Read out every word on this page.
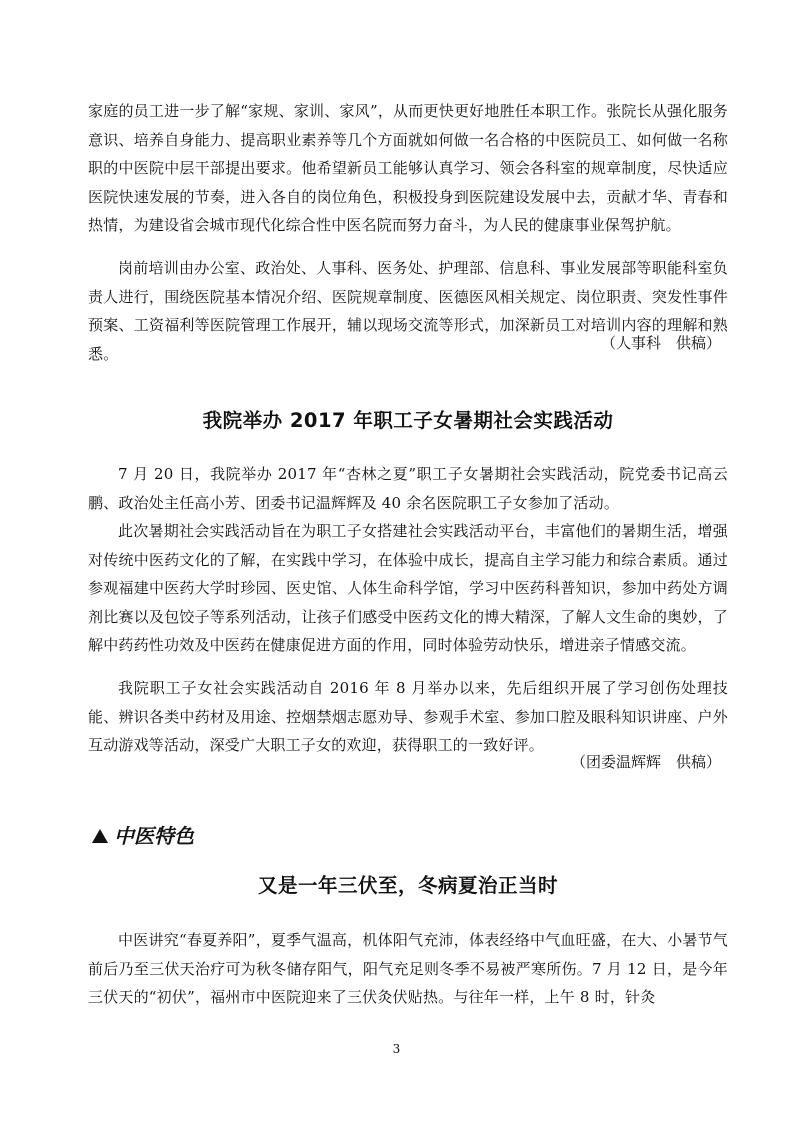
家庭的员工进一步了解“家规、家训、家风”，从而更快更好地胜任本职工作。张院长从强化服务意识、培养自身能力、提高职业素养等几个方面就如何做一名合格的中医院员工、如何做一名称职的中医院中层干部提出要求。他希望新员工能够认真学习、领会各科室的规章制度，尽快适应医院快速发展的节奏，进入各自的岗位角色，积极投身到医院建设发展中去，贡献才华、青春和热情，为建设省会城市现代化综合性中医名院而努力奋斗，为人民的健康事业保驾护航。

岗前培训由办公室、政治处、人事科、医务处、护理部、信息科、事业发展部等职能科室负责人进行，围绕医院基本情况介绍、医院规章制度、医德医风相关规定、岗位职责、突发性事件预案、工资福利等医院管理工作展开，辅以现场交流等形式，加深新员工对培训内容的理解和熟悉。

（人事科　供稿）

我院举办 2017 年职工子女暑期社会实践活动

7 月 20 日，我院举办 2017 年“杏林之夏”职工子女暑期社会实践活动，院党委书记高云鹏、政治处主任高小芳、团委书记温辉辉及 40 余名医院职工子女参加了活动。

此次暑期社会实践活动旨在为职工子女搭建社会实践活动平台，丰富他们的暑期生活，增强对传统中医药文化的了解，在实践中学习，在体验中成长，提高自主学习能力和综合素质。通过参观福建中医药大学时珍园、医史馆、人体生命科学馆，学习中医药科普知识，参加中药处方调剂比赛以及包饺子等系列活动，让孩子们感受中医药文化的博大精深，了解人文生命的奥妙，了解中药药性功效及中医药在健康促进方面的作用，同时体验劳动快乐，增进亲子情感交流。

我院职工子女社会实践活动自 2016 年 8 月举办以来，先后组织开展了学习创伤处理技能、辨识各类中药材及用途、控烟禁烟志愿劝导、参观手术室、参加口腔及眼科知识讲座、户外互动游戏等活动，深受广大职工子女的欢迎，获得职工的一致好评。

（团委温辉辉　供稿）

中医特色
又是一年三伏至，冬病夏治正当时

中医讲究“春夏养阳”，夏季气温高，机体阳气充沛，体表经络中气血旺盛，在大、小暑节气前后乃至三伏天治疗可为秋冬储存阳气，阳气充足则冬季不易被严寒所伤。7 月 12 日，是今年三伏天的“初伏”，福州市中医院迎来了三伏灸伏贴热。与往年一样，上午 8 时，针灸

3
